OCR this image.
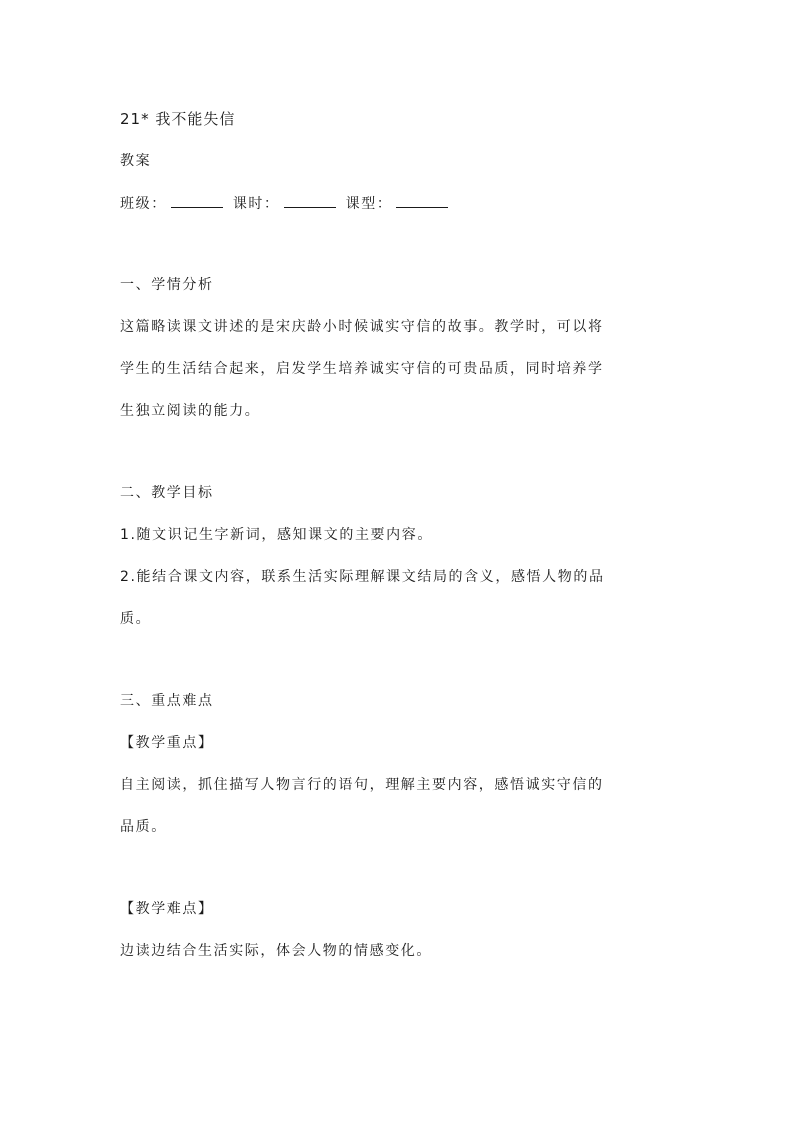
21* 我不能失信
教案
班级：	课时：	课型：
一、学情分析
这篇略读课文讲述的是宋庆龄小时候诚实守信的故事。教学时，可以将
学生的生活结合起来，启发学生培养诚实守信的可贵品质，同时培养学
生独立阅读的能力。
二、教学目标
1.随文识记生字新词，感知课文的主要内容。
2.能结合课文内容，联系生活实际理解课文结局的含义，感悟人物的品
质。
三、重点难点
【教学重点】
自主阅读，抓住描写人物言行的语句，理解主要内容，感悟诚实守信的
品质。
【教学难点】
边读边结合生活实际，体会人物的情感变化。
